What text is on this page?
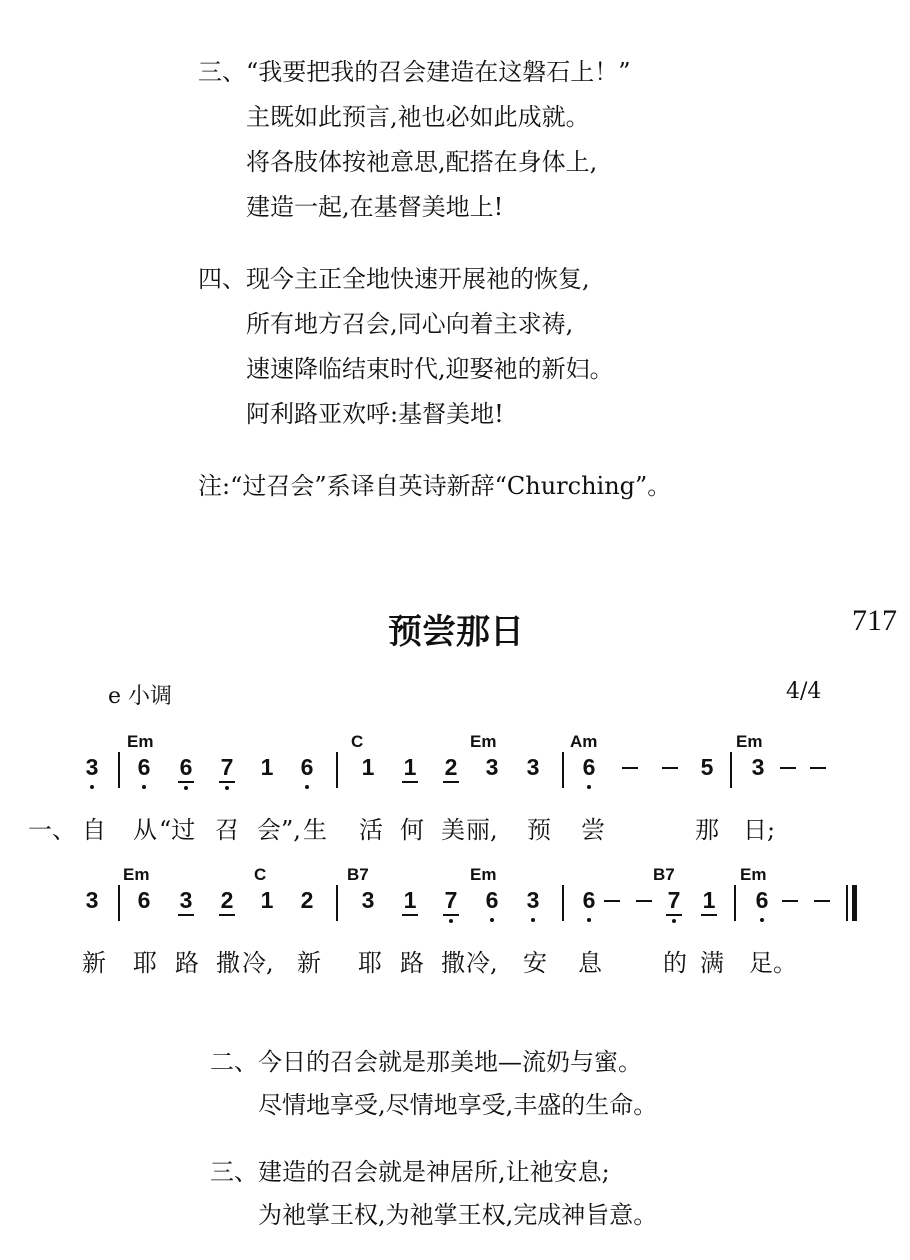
三、 “我要把我的召会建造在这磐石上！”
主既如此预言,祂也必如此成就。
将各肢体按祂意思,配搭在身体上,
建造一起,在基督美地上!
四、 现今主正全地快速开展祂的恢复,
所有地方召会,同心向着主求祷,
速速降临结束时代,迎娶祂的新妇。
阿利路亚欢呼:基督美地!
注:“过召会”系译自英诗新辞“Churching”。
预尝那日	717
e 小调	4/4
Em	C	Em	Am	Em
3 6 6 7 1 6 1 1 2 3 3 6	5 3
一、 自 从 “过 召 会”, 生 活 何 美 丽, 预 尝	那 日;
Em	C	B7	Em	B7	Em
3 6 3 2 1 2 3 1 7 6 3 6	7 1 6
新 耶 路 撒 冷, 新 耶 路 撒 冷, 安 息	的 满 足。
二、 今日的召会就是那美地—流奶与蜜。
尽情地享受,尽情地享受,丰盛的生命。
三、 建造的召会就是神居所,让祂安息;
为祂掌王权,为祂掌王权,完成神旨意。
